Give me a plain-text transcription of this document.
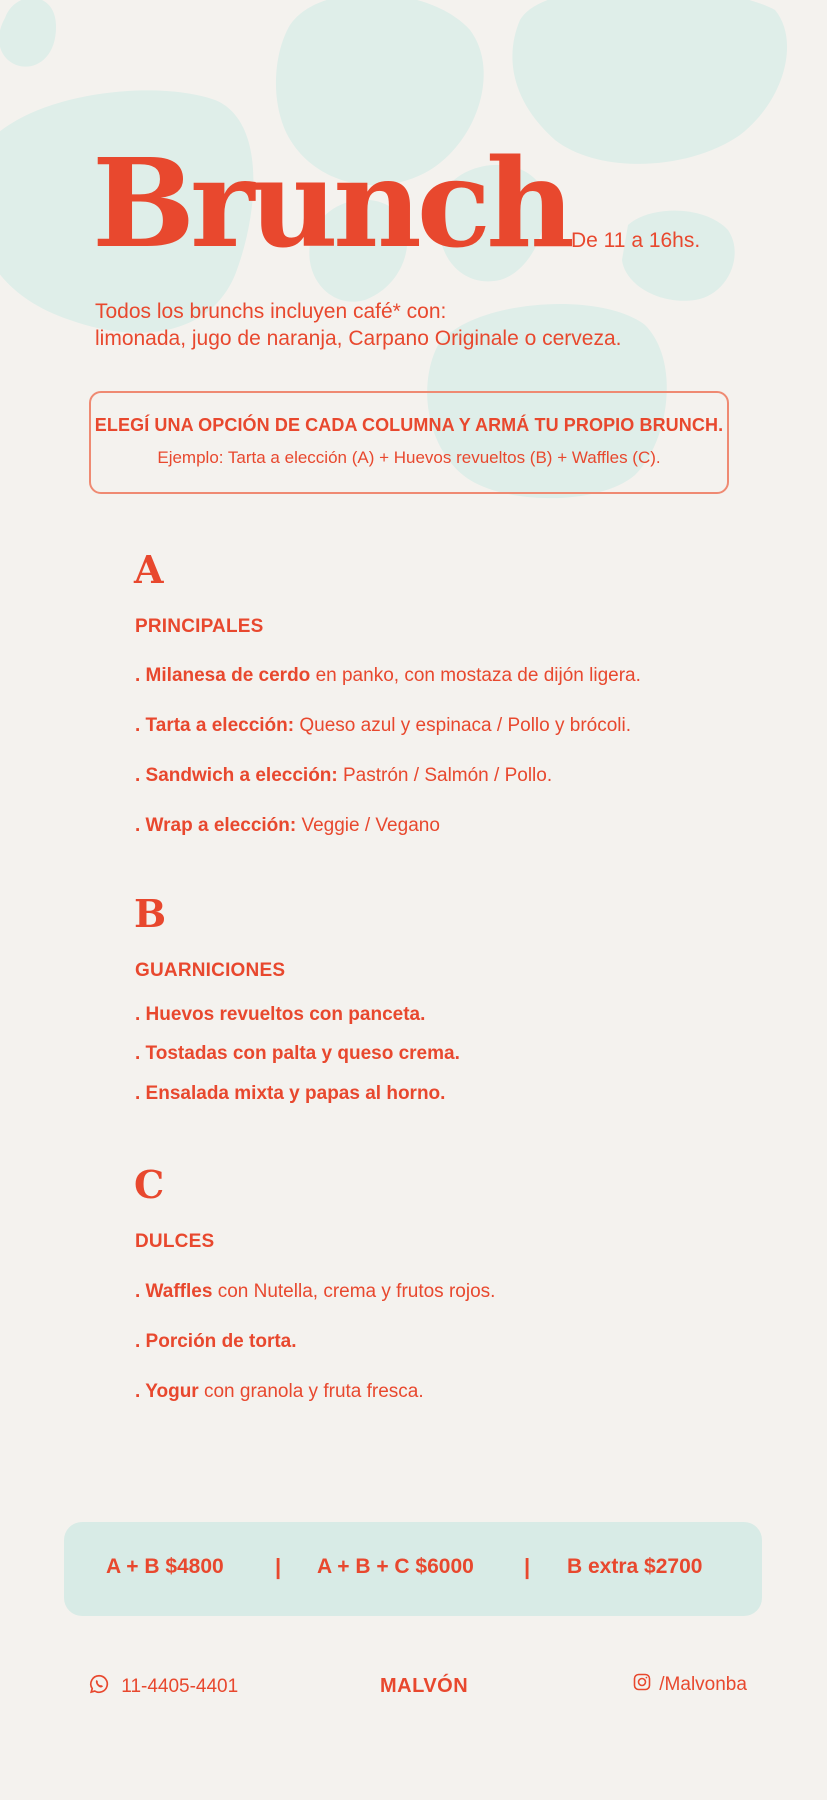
Brunch De 11 a 16hs.
Todos los brunchs incluyen café* con:
limonada, jugo de naranja, Carpano Originale o cerveza.
ELEGÍ UNA OPCIÓN DE CADA COLUMNA Y ARMÁ TU PROPIO BRUNCH.
Ejemplo: Tarta a elección (A) + Huevos revueltos (B) + Waffles (C).
A
PRINCIPALES
. Milanesa de cerdo en panko, con mostaza de dijón ligera.
. Tarta a elección: Queso azul y espinaca / Pollo y brócoli.
. Sandwich a elección: Pastrón / Salmón / Pollo.
. Wrap a elección: Veggie / Vegano
B
GUARNICIONES
. Huevos revueltos con panceta.
. Tostadas con palta y queso crema.
. Ensalada mixta y papas al horno.
C
DULCES
. Waffles con Nutella, crema y frutos rojos.
. Porción de torta.
. Yogur con granola y fruta fresca.
A + B $4800 | A + B + C $6000 | B extra $2700
11-4405-4401	MALVÓN	/Malvonba
